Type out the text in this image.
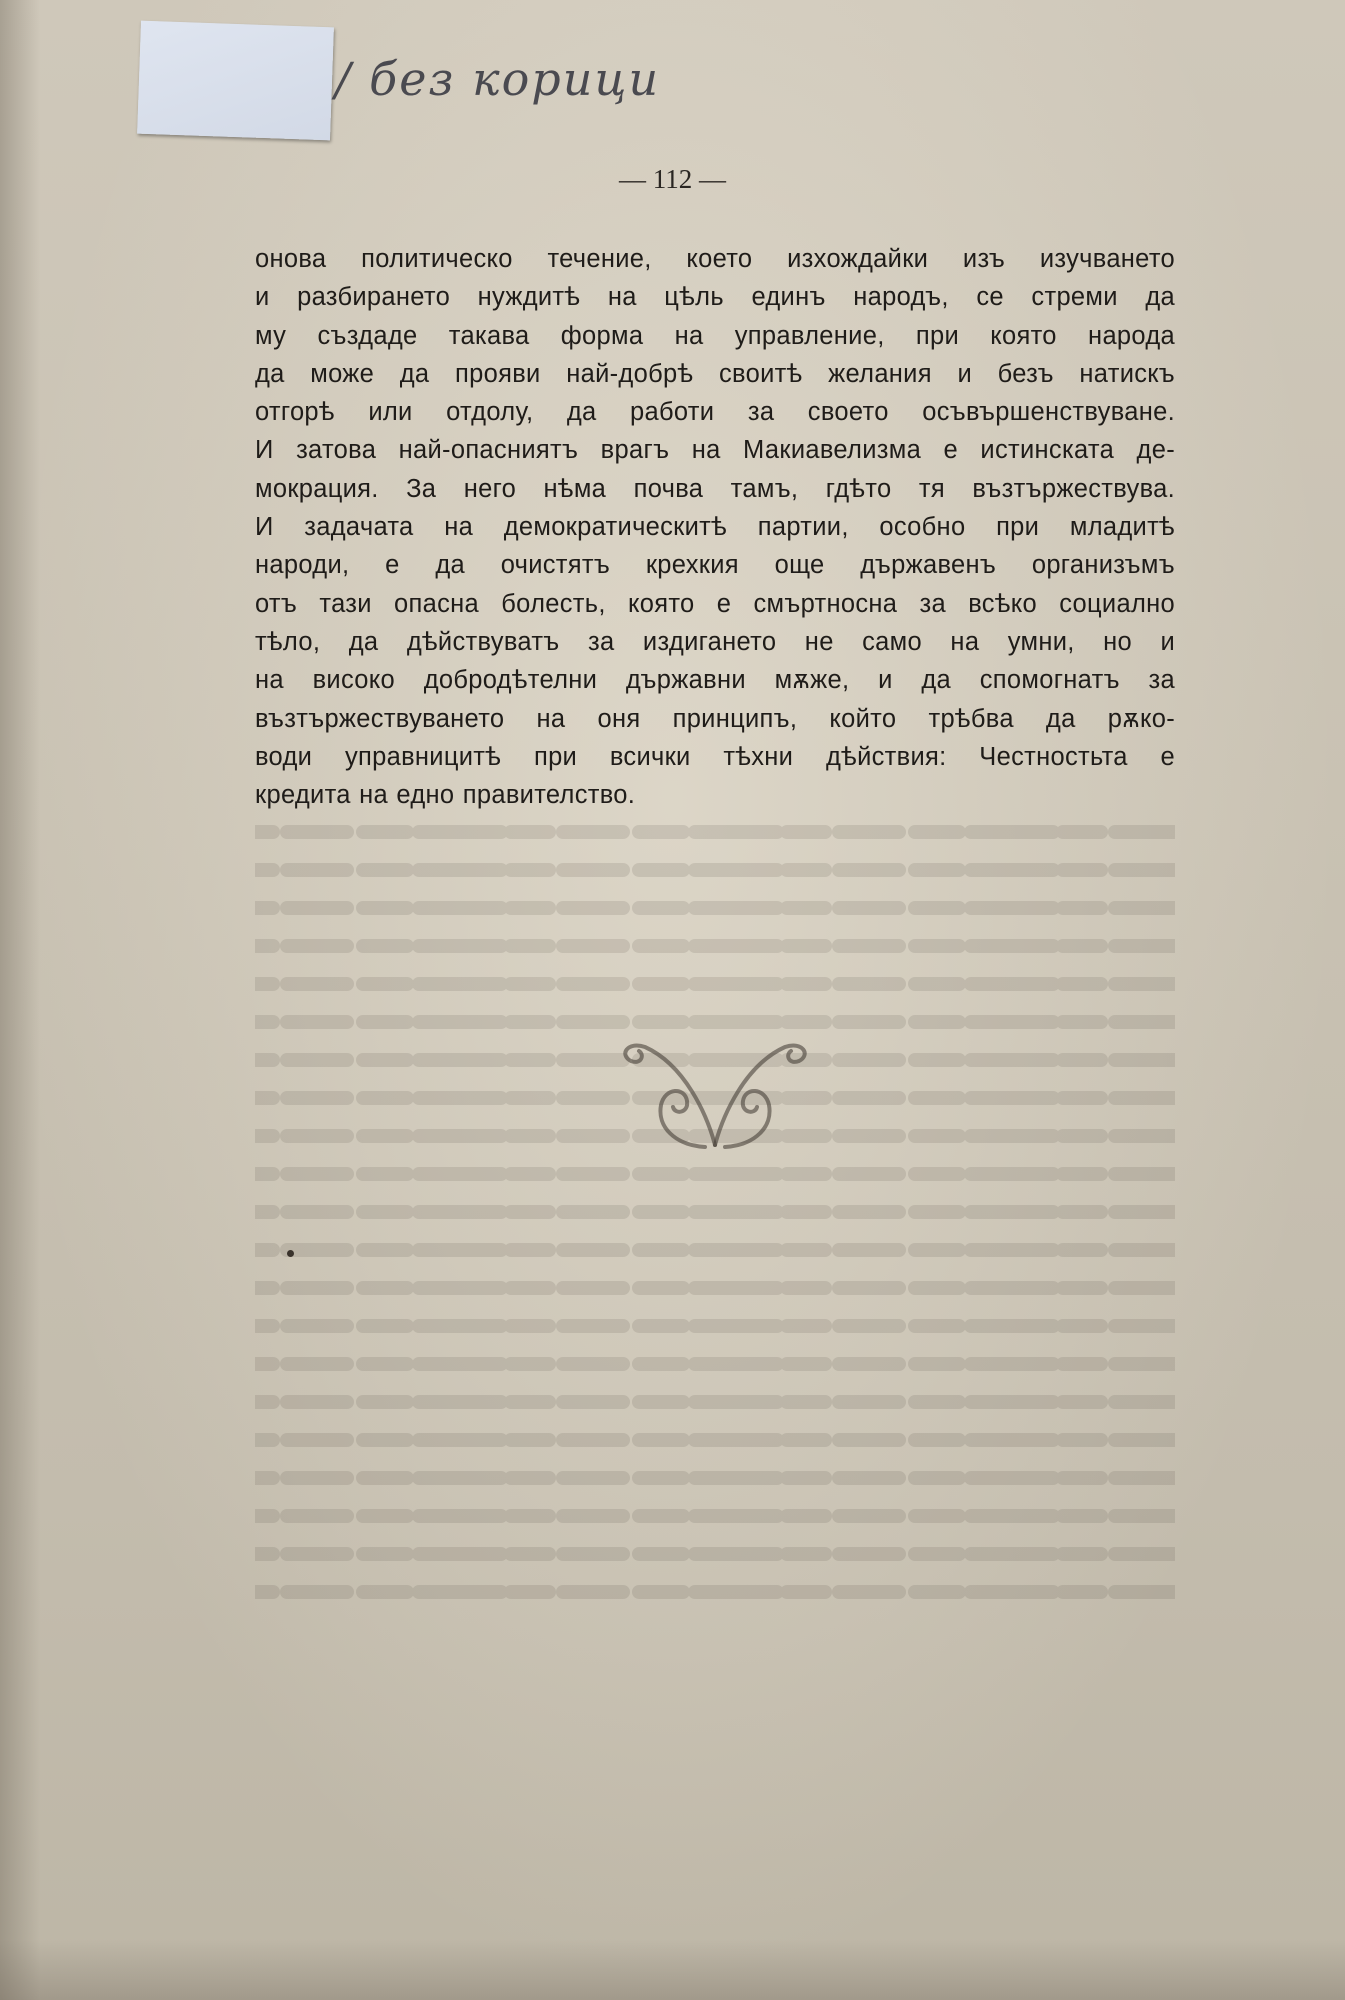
/ без корици
— 112 —
онова политическо течение, което изхождайки изъ изучването
и разбирането нуждитѣ на цѣль единъ народъ, се стреми да
му създаде такава форма на управление, при която народа
да може да прояви най-добрѣ своитѣ желания и безъ натискъ
отгорѣ или отдолу, да работи за своето осъвършенствуване.
И затова най-опасниятъ врагъ на Макиавелизма е истинската де-
мокрация. За него нѣма почва тамъ, гдѣто тя възтържествува.
И задачата на демократическитѣ партии, особно при младитѣ
народи, е да очистятъ крехкия още държавенъ организъмъ
отъ тази опасна болесть, която е смъртносна за всѣко социално
тѣло, да дѣйствуватъ за издигането не само на умни, но и
на високо добродѣтелни държавни мѫже, и да спомогнатъ за
възтържествуването на оня принципъ, който трѣбва да рѫко-
води управницитѣ при всички тѣхни дѣйствия: Честностьта е
кредита на едно правителство.
